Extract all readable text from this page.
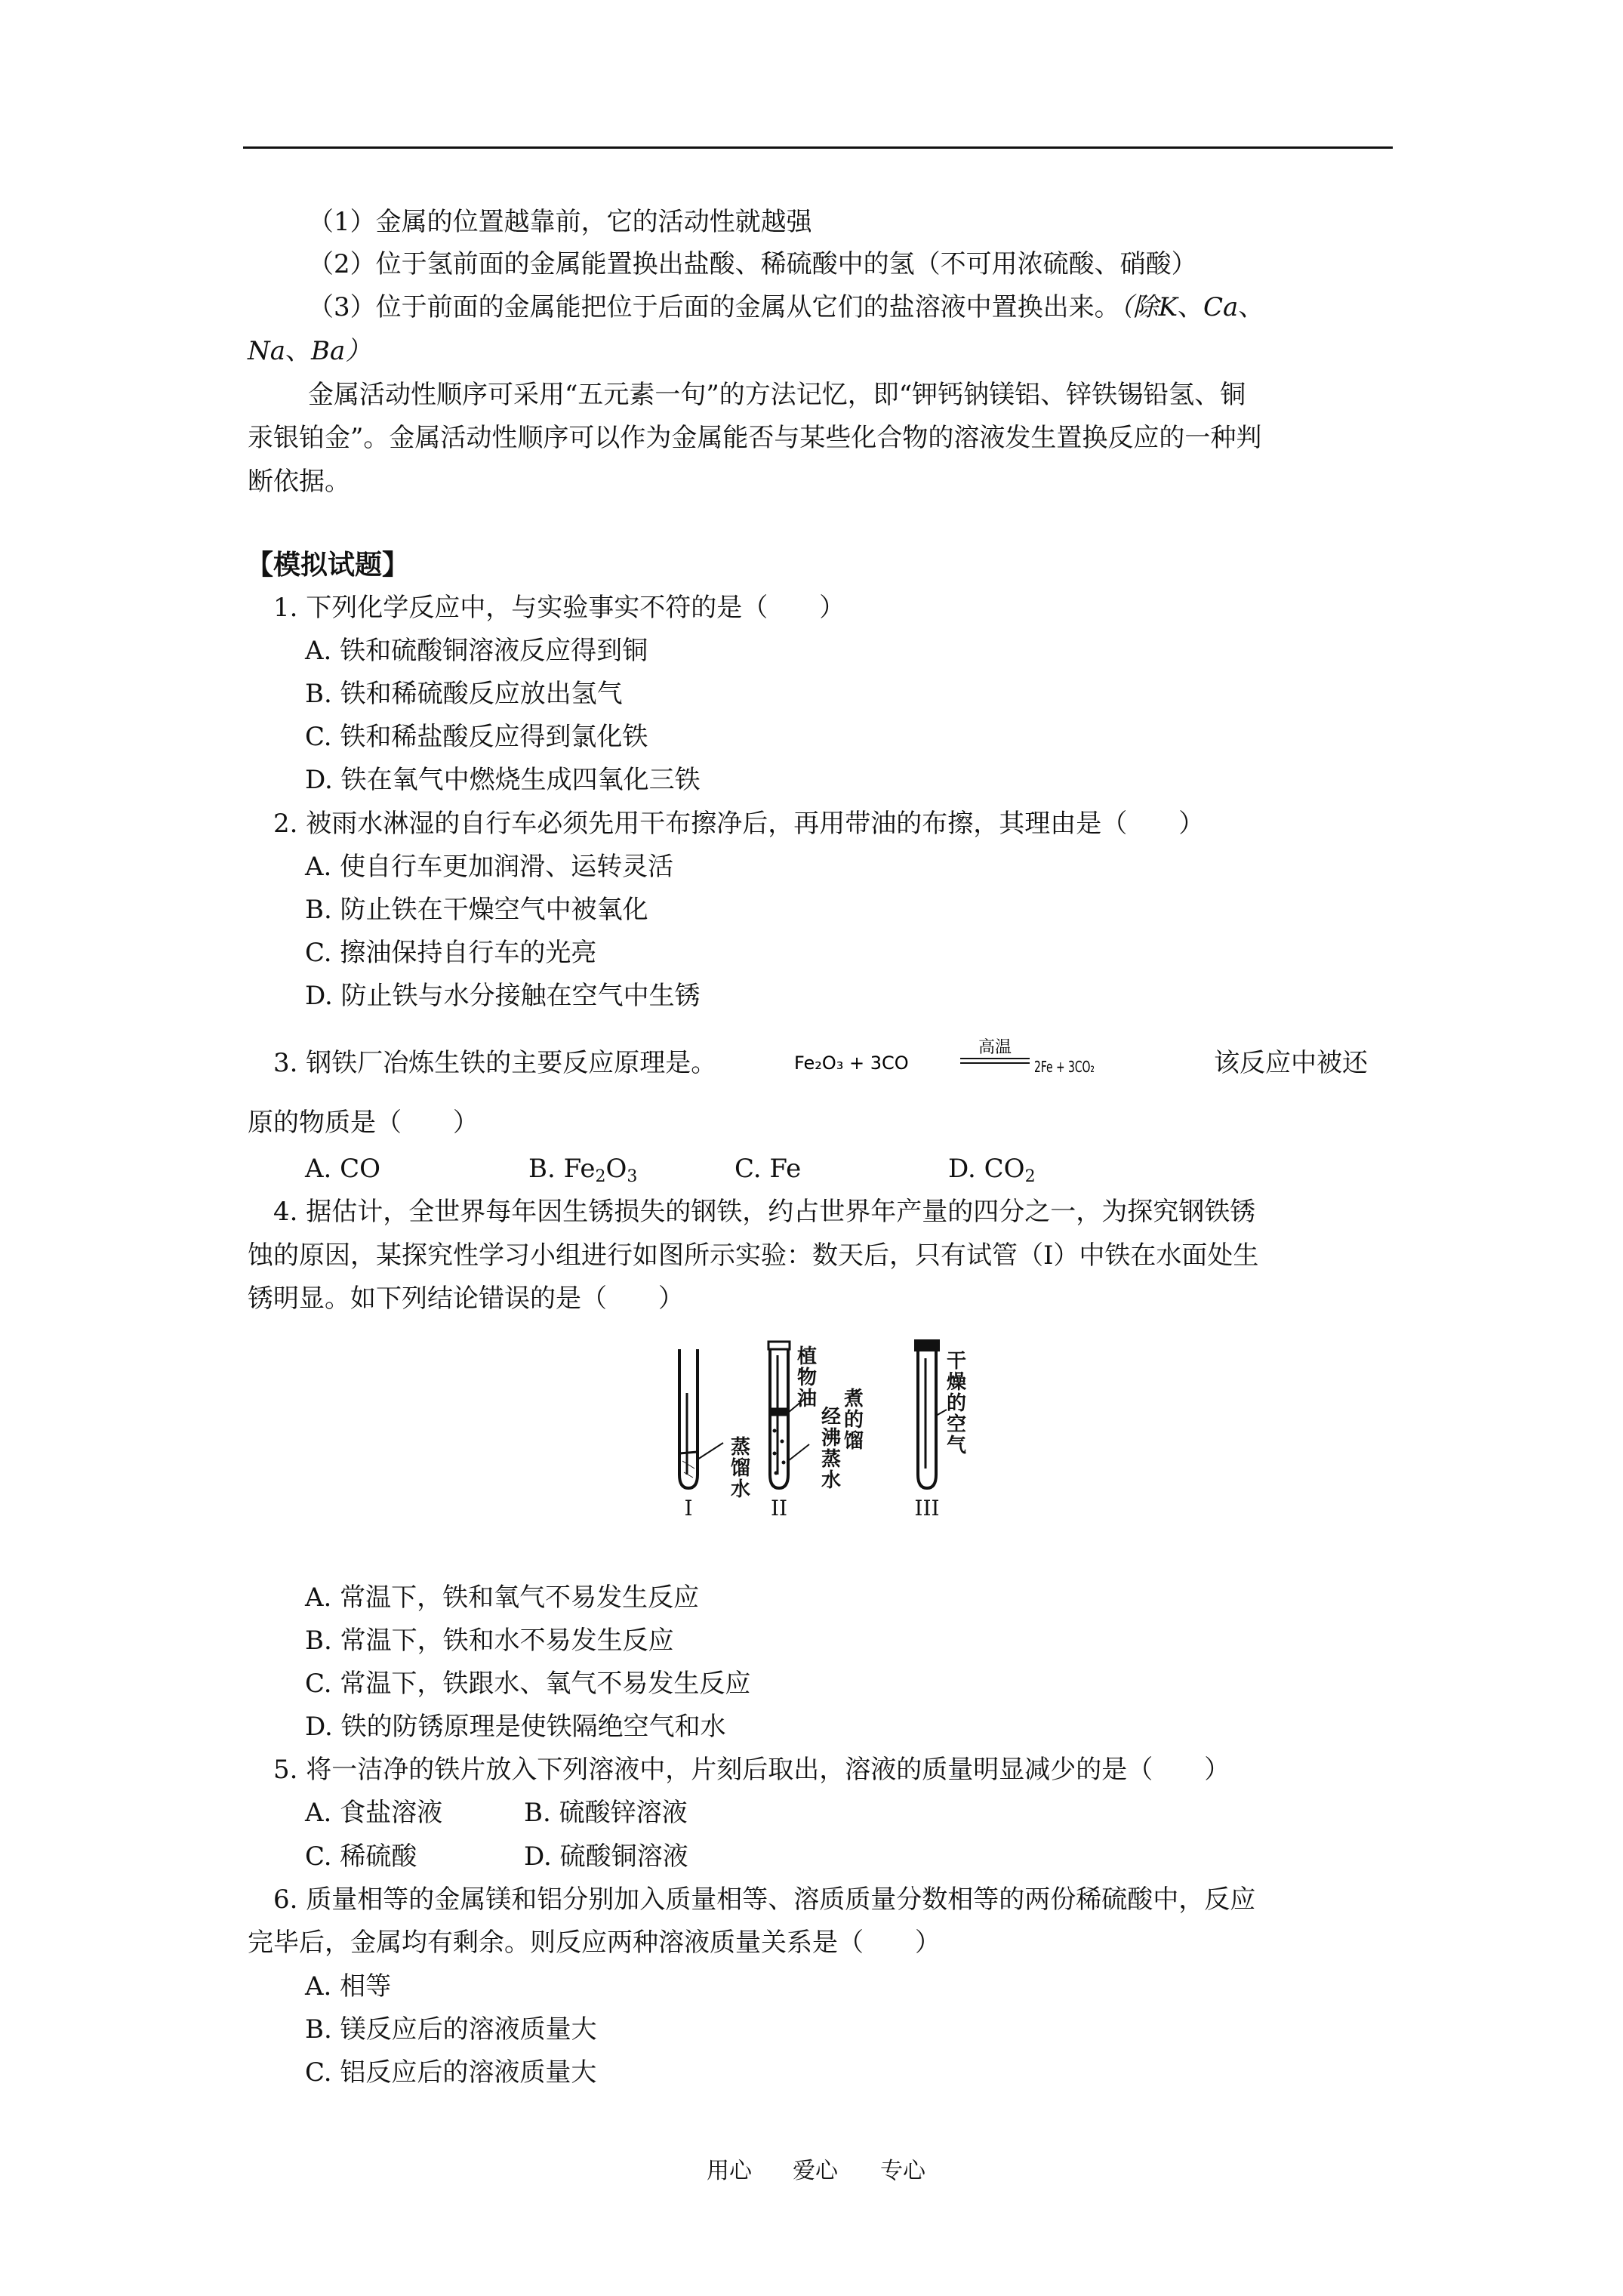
（1）金属的位置越靠前，它的活动性就越强
（2）位于氢前面的金属能置换出盐酸、稀硫酸中的氢（不可用浓硫酸、硝酸）
（3）位于前面的金属能把位于后面的金属从它们的盐溶液中置换出来。（除K、Ca、
Na、Ba）
金属活动性顺序可采用“五元素一句”的方法记忆，即“钾钙钠镁铝、锌铁锡铅氢、铜
汞银铂金”。金属活动性顺序可以作为金属能否与某些化合物的溶液发生置换反应的一种判
断依据。
【模拟试题】
1. 下列化学反应中，与实验事实不符的是（　　）
A. 铁和硫酸铜溶液反应得到铜
B. 铁和稀硫酸反应放出氢气
C. 铁和稀盐酸反应得到氯化铁
D. 铁在氧气中燃烧生成四氧化三铁
2. 被雨水淋湿的自行车必须先用干布擦净后，再用带油的布擦，其理由是（　　）
A. 使自行车更加润滑、运转灵活
B. 防止铁在干燥空气中被氧化
C. 擦油保持自行车的光亮
D. 防止铁与水分接触在空气中生锈
3. 钢铁厂冶炼生铁的主要反应原理是。	Fe₂O₃ + 3CO
高温
2Fe + 3CO₂	该反应中被还
原的物质是（　　）
A. CO	B. $Fe_2O_3$	C. Fe	D. $CO_2$
4. 据估计，全世界每年因生锈损失的钢铁，约占世界年产量的四分之一，为探究钢铁锈
蚀的原因，某探究性学习小组进行如图所示实验：数天后，只有试管（I）中铁在水面处生
锈明显。如下列结论错误的是（　　）
蒸
馏
水
植
物
油
经
沸
蒸
水
煮
的
馏
干
燥
的
空
气
I	II	III
A. 常温下，铁和氧气不易发生反应
B. 常温下，铁和水不易发生反应
C. 常温下，铁跟水、氧气不易发生反应
D. 铁的防锈原理是使铁隔绝空气和水
5. 将一洁净的铁片放入下列溶液中，片刻后取出，溶液的质量明显减少的是（　　）
A. 食盐溶液	B. 硫酸锌溶液
C. 稀硫酸	D. 硫酸铜溶液
6. 质量相等的金属镁和铝分别加入质量相等、溶质质量分数相等的两份稀硫酸中，反应
完毕后，金属均有剩余。则反应两种溶液质量关系是（　　）
A. 相等
B. 镁反应后的溶液质量大
C. 铝反应后的溶液质量大
用心 爱心 专心
